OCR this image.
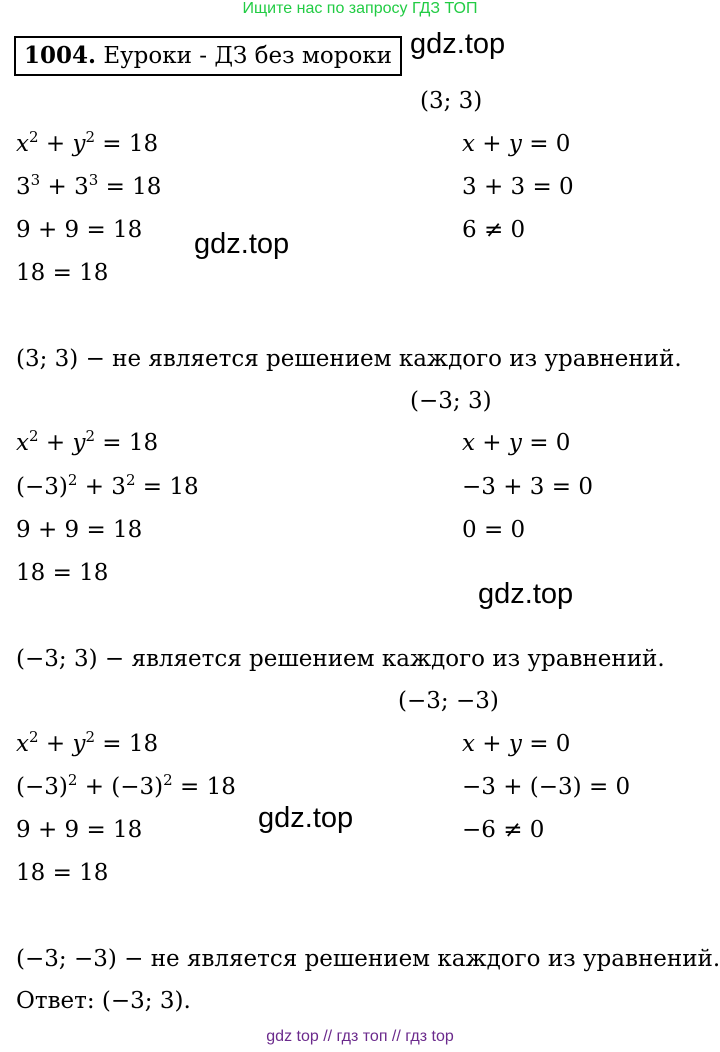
Ищите нас по запросу ГДЗ ТОП
1004. Еуроки - ДЗ без мороки gdz.top
gdz.top
gdz.top
gdz.top
(3; 3)
$x^2 + y^2 = 18$
$3^3 + 3^3 = 18$
9 + 9 = 18
18 = 18
x + y = 0
3 + 3 = 0
6 ≠ 0
(3; 3) − не является решением каждого из уравнений.
(−3; 3)
$x^2 + y^2 = 18$
$(-3)^2 + 3^2 = 18$
9 + 9 = 18
18 = 18
x + y = 0
−3 + 3 = 0
0 = 0
(−3; 3) − является решением каждого из уравнений.
(−3; −3)
$x^2 + y^2 = 18$
$(-3)^2 + (-3)^2 = 18$
9 + 9 = 18
18 = 18
x + y = 0
−3 + (−3) = 0
−6 ≠ 0
(−3; −3) − не является решением каждого из уравнений.
Ответ: (−3; 3).
gdz top // гдз топ // гдз top
